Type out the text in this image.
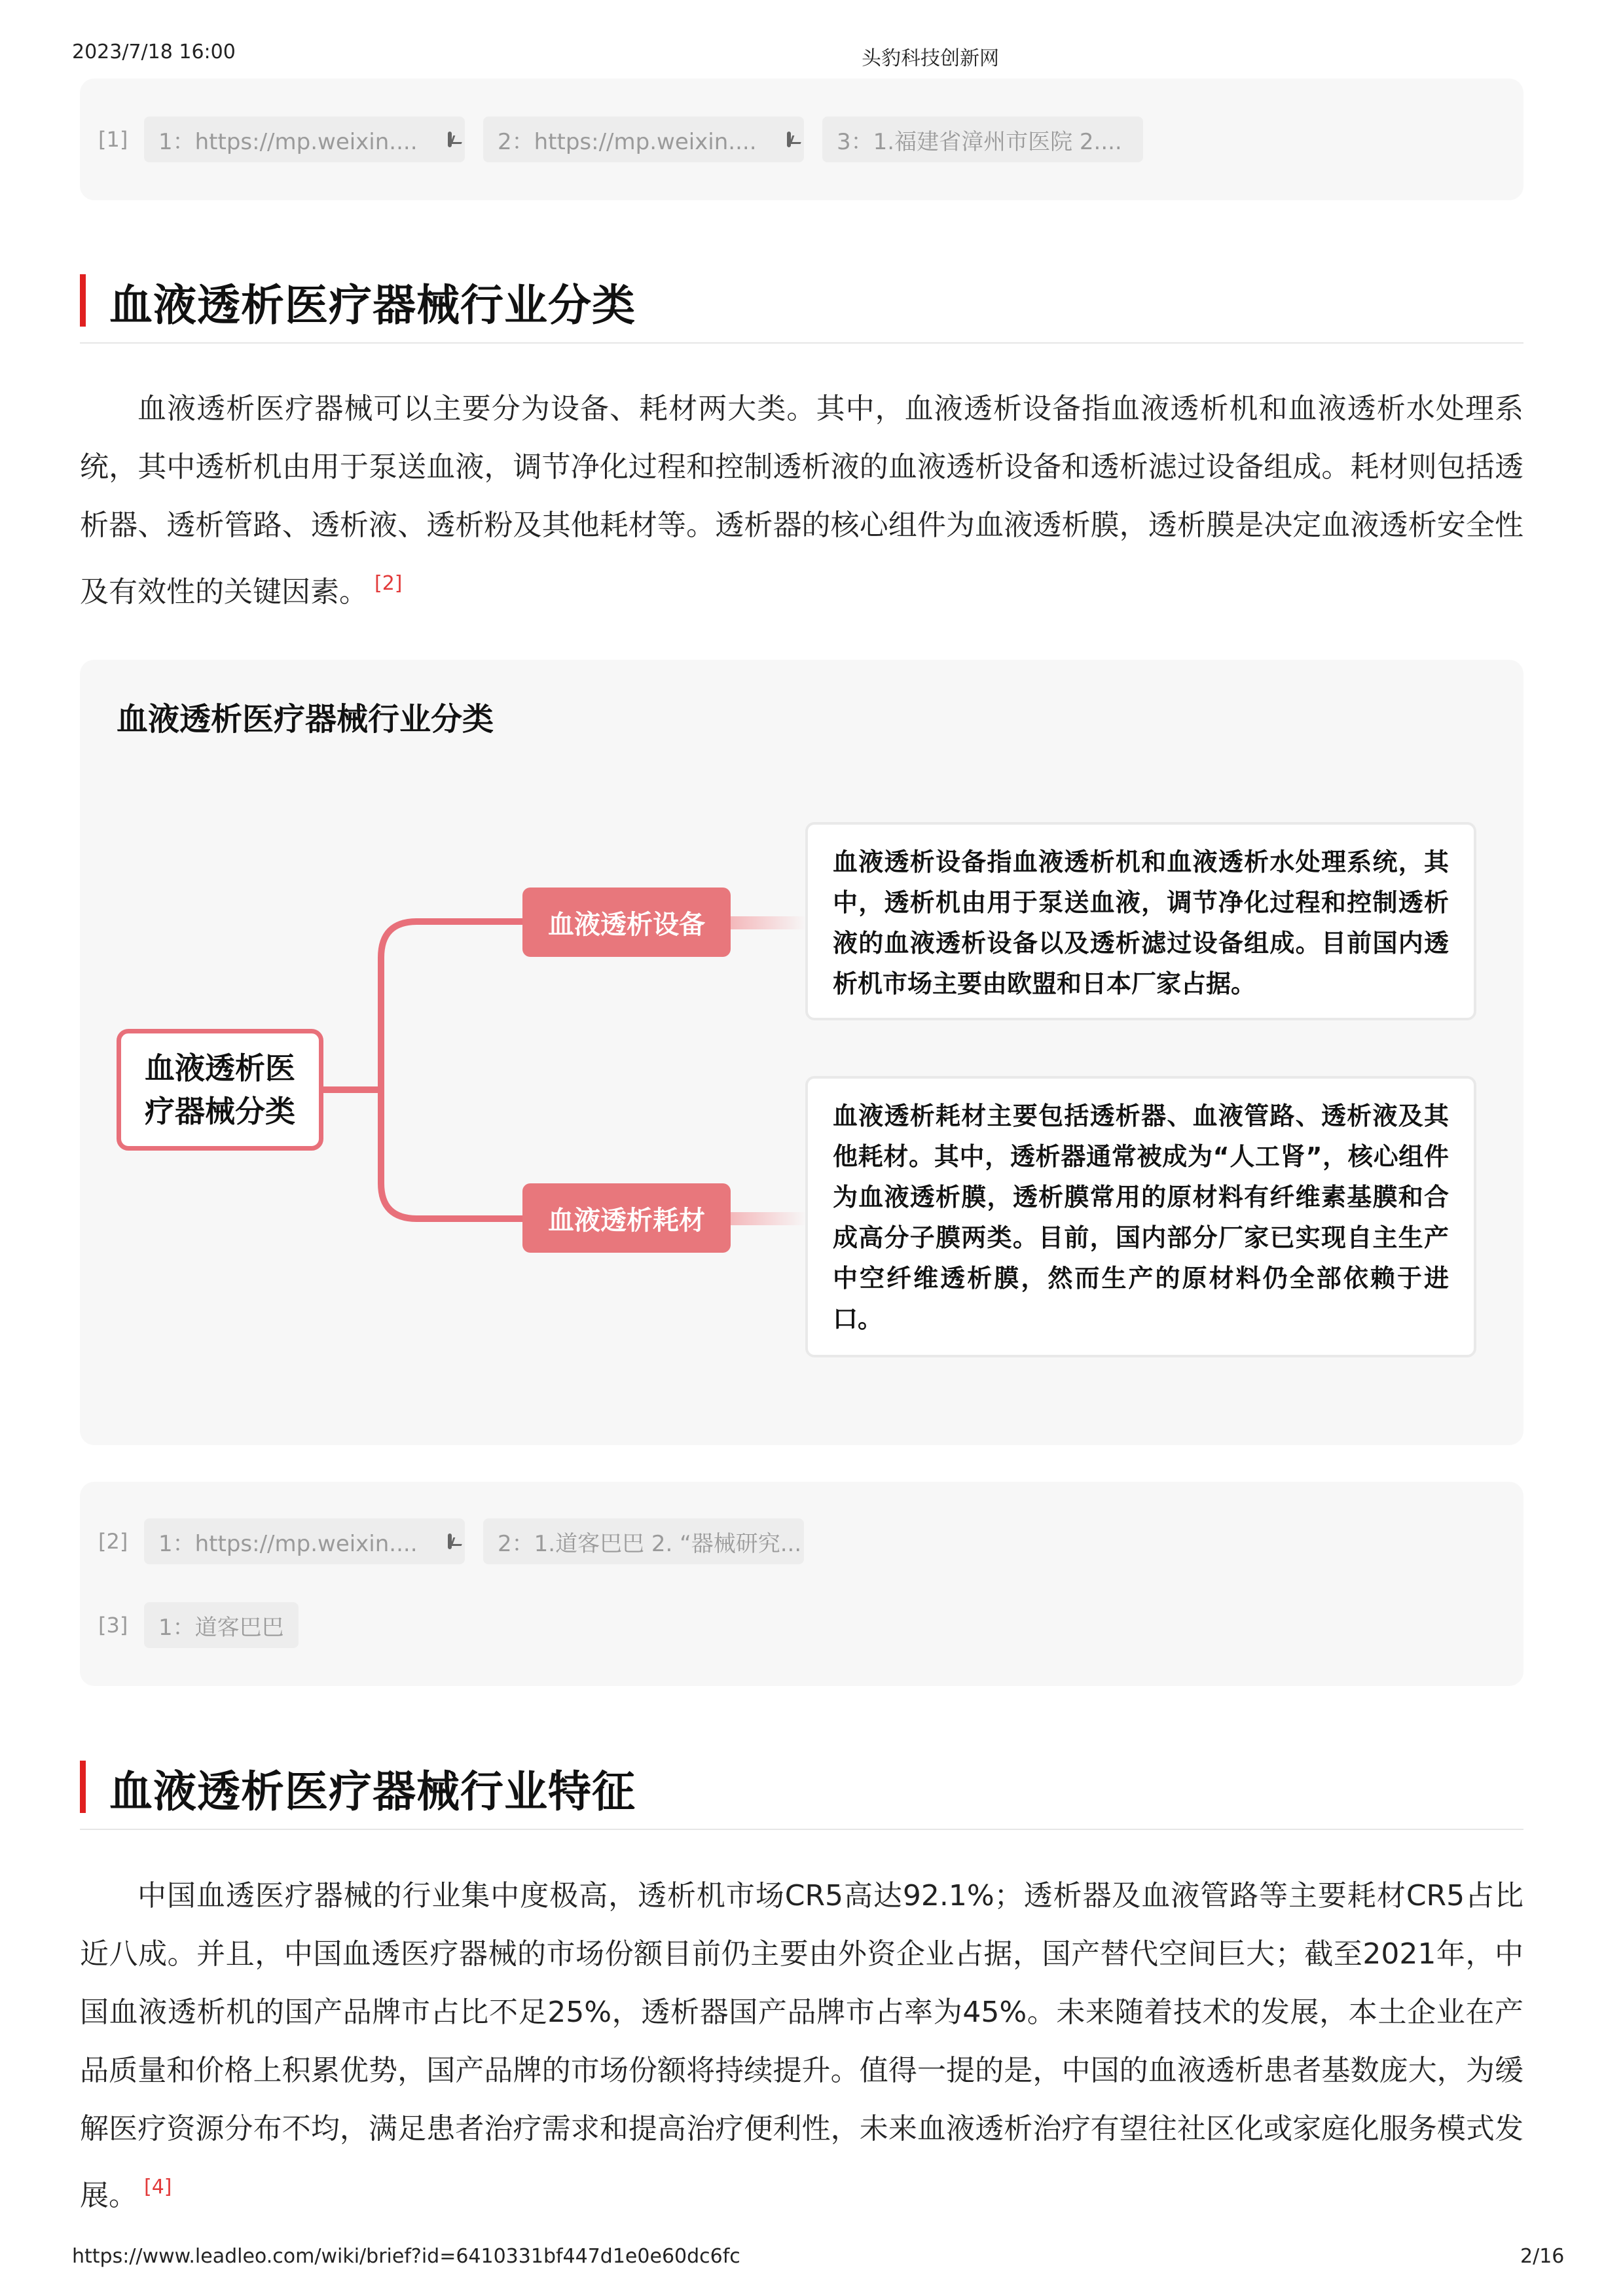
2023/7/18 16:00	头豹科技创新网
[1]	1：https://mp.weixin....	2：https://mp.weixin....	3：1.福建省漳州市医院 2....
血液透析医疗器械行业分类

血液透析医疗器械可以主要分为设备、耗材两大类。其中，血液透析设备指血液透析机和血液透析水处理系统，其中透析机由用于泵送血液，调节净化过程和控制透析液的血液透析设备和透析滤过设备组成。耗材则包括透析器、透析管路、透析液、透析粉及其他耗材等。透析器的核心组件为血液透析膜，透析膜是决定血液透析安全性及有效性的关键因素。 [2]

血液透析医疗器械行业分类
血液透析医疗器械分类
血液透析设备
血液透析设备指血液透析机和血液透析水处理系统，其中，透析机由用于泵送血液，调节净化过程和控制透析液的血液透析设备以及透析滤过设备组成。目前国内透析机市场主要由欧盟和日本厂家占据。
血液透析耗材
血液透析耗材主要包括透析器、血液管路、透析液及其他耗材。其中，透析器通常被成为“人工肾”，核心组件为血液透析膜，透析膜常用的原材料有纤维素基膜和合成高分子膜两类。目前，国内部分厂家已实现自主生产中空纤维透析膜，然而生产的原材料仍全部依赖于进口。
[2]	1：https://mp.weixin....	2：1.道客巴巴 2. “器械研究...
[3]	1：道客巴巴
血液透析医疗器械行业特征

中国血透医疗器械的行业集中度极高，透析机市场CR5高达92.1%；透析器及血液管路等主要耗材CR5占比近八成。并且，中国血透医疗器械的市场份额目前仍主要由外资企业占据，国产替代空间巨大；截至2021年，中国血液透析机的国产品牌市占比不足25%，透析器国产品牌市占率为45%。未来随着技术的发展，本土企业在产品质量和价格上积累优势，国产品牌的市场份额将持续提升。值得一提的是，中国的血液透析患者基数庞大，为缓解医疗资源分布不均，满足患者治疗需求和提高治疗便利性，未来血液透析治疗有望往社区化或家庭化服务模式发展。 [4]

https://www.leadleo.com/wiki/brief?id=6410331bf447d1e0e60dc6fc	2/16
